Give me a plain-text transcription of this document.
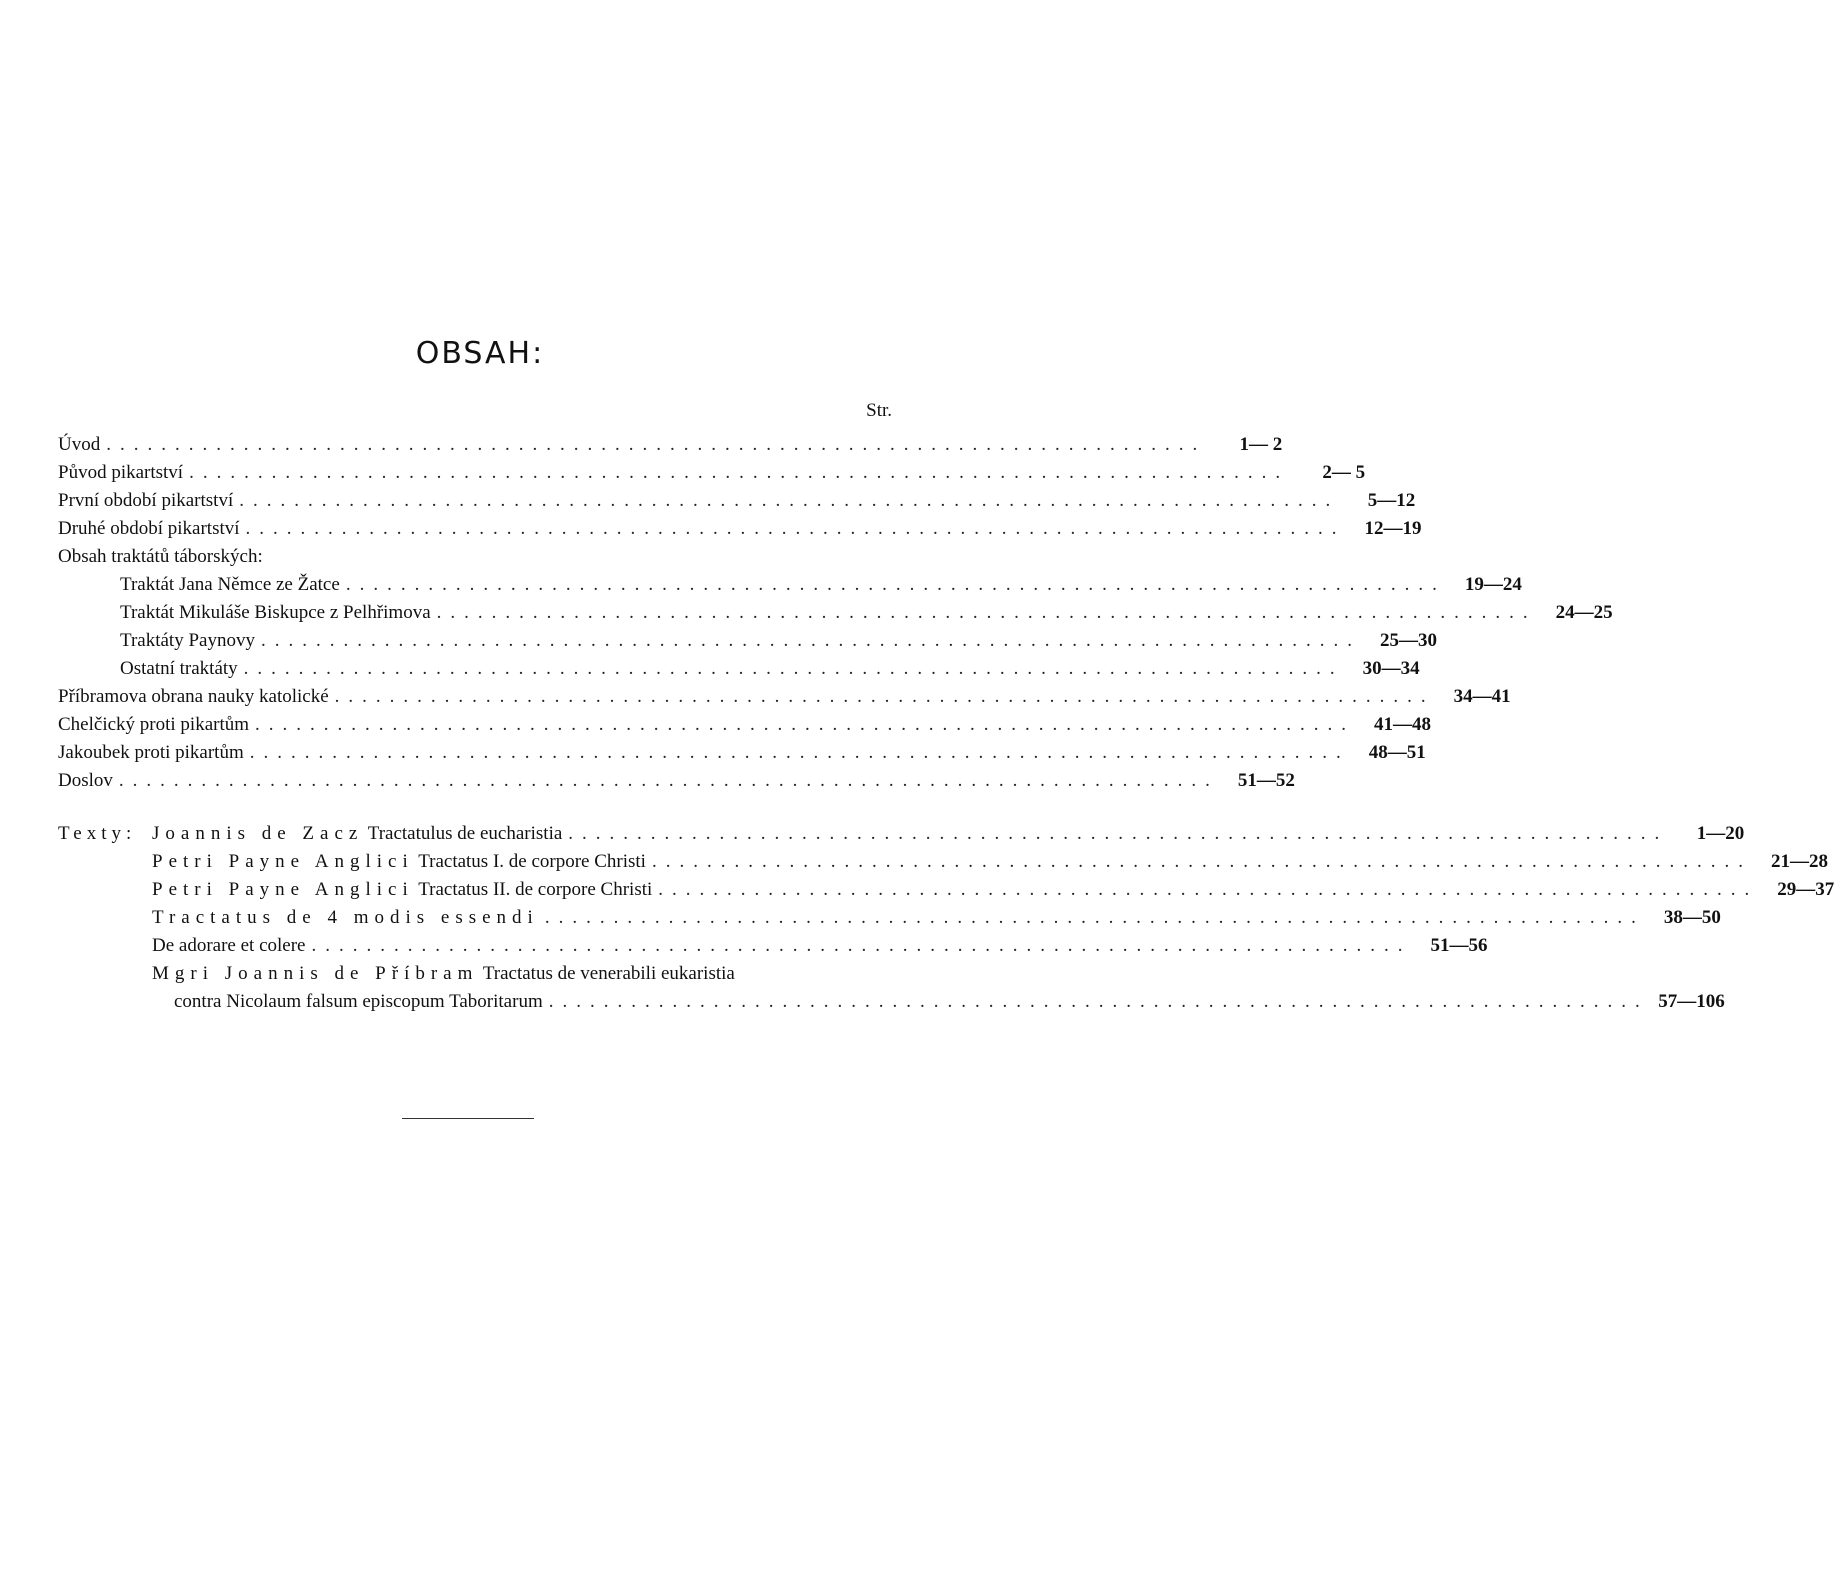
OBSAH:
Str.
Úvod ................................................................................	1— 2
Původ pikartství ................................................................................	2— 5
První období pikartství ................................................................................	5—12
Druhé období pikartství ................................................................................	12—19
Obsah traktátů táborských:
Traktát Jana Němce ze Žatce ................................................................................	19—24
Traktát Mikuláše Biskupce z Pelhřimova ................................................................................	24—25
Traktáty Paynovy ................................................................................	25—30
Ostatní traktáty ................................................................................	30—34
Příbramova obrana nauky katolické ................................................................................	34—41
Chelčický proti pikartům ................................................................................	41—48
Jakoubek proti pikartům ................................................................................	48—51
Doslov ................................................................................	51—52
Texty: Joannis de Zacz Tractatulus de eucharistia ................................................................................	1—20
Petri Payne Anglici Tractatus I. de corpore Christi ................................................................................	21—28
Petri Payne Anglici Tractatus II. de corpore Christi ................................................................................	29—37
Tractatus de 4 modis essendi ................................................................................	38—50
De adorare et colere ................................................................................	51—56
Mgri Joannis de Příbram Tractatus de venerabili eukaristia
contra Nicolaum falsum episcopum Taboritarum ................................................................................ 57—106
